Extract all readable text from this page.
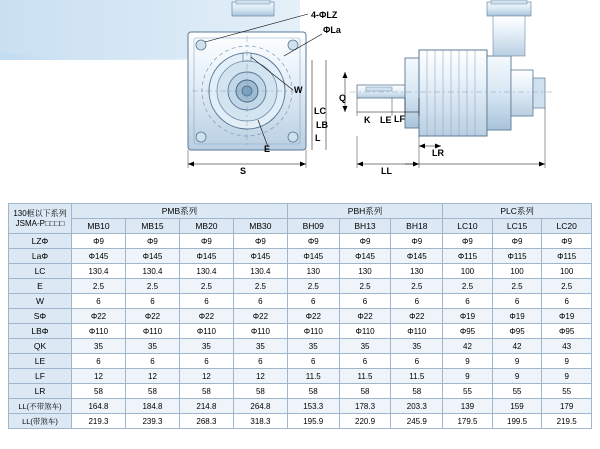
4-ΦLZ
ΦLa
W
E
LC
LB
L
S
Q
K LE LF
LR
LL
130框以下系列
JSMA-P□□□□	PMB系列				PBH系列			PLC系列		
	MB10	MB15	MB20	MB30	BH09	BH13	BH18	LC10	LC15	LC20
LZΦ	Φ9	Φ9	Φ9	Φ9	Φ9	Φ9	Φ9	Φ9	Φ9	Φ9
LaΦ	Φ145	Φ145	Φ145	Φ145	Φ145	Φ145	Φ145	Φ115	Φ115	Φ115
LC	130.4	130.4	130.4	130.4	130	130	130	100	100	100
E	2.5	2.5	2.5	2.5	2.5	2.5	2.5	2.5	2.5	2.5
W	6	6	6	6	6	6	6	6	6	6
SΦ	Φ22	Φ22	Φ22	Φ22	Φ22	Φ22	Φ22	Φ19	Φ19	Φ19
LBΦ	Φ110	Φ110	Φ110	Φ110	Φ110	Φ110	Φ110	Φ95	Φ95	Φ95
QK	35	35	35	35	35	35	35	42	42	43
LE	6	6	6	6	6	6	6	9	9	9
LF	12	12	12	12	11.5	11.5	11.5	9	9	9
LR	58	58	58	58	58	58	58	55	55	55
LL(不带煞车)	164.8	184.8	214.8	264.8	153.3	178.3	203.3	139	159	179
LL(带煞车)	219.3	239.3	268.3	318.3	195.9	220.9	245.9	179.5	199.5	219.5
